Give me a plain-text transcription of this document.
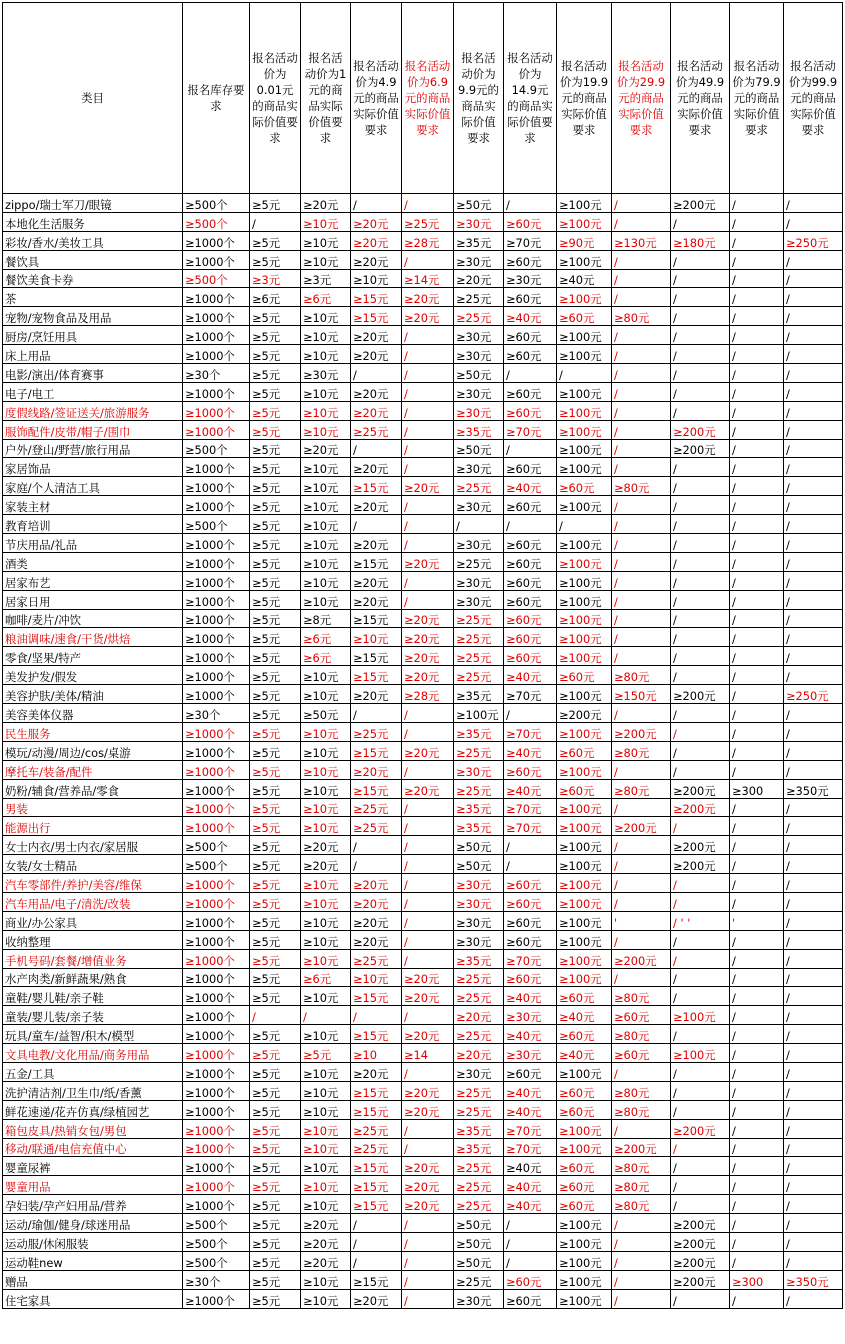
类目	报名库存要求	报名活动价为0.01元的商品实际价值要求	报名活动价为1元的商品实际价值要求	报名活动价为4.9元的商品实际价值要求	报名活动价为6.9元的商品实际价值要求	报名活动价为9.9元的商品实际价值要求	报名活动价为14.9元的商品实际价值要求	报名活动价为19.9元的商品实际价值要求	报名活动价为29.9元的商品实际价值要求	报名活动价为49.9元的商品实际价值要求	报名活动价为79.9元的商品实际价值要求	报名活动价为99.9元的商品实际价值要求
zippo/瑞士军刀/眼镜	≥500个	≥5元	≥20元	/	/	≥50元	/	≥100元	/	≥200元	/	/
本地化生活服务	≥500个	/	≥10元	≥20元	≥25元	≥30元	≥60元	≥100元	/	/	/	/
彩妆/香水/美妆工具	≥1000个	≥5元	≥10元	≥20元	≥28元	≥35元	≥70元	≥90元	≥130元	≥180元	/	≥250元
餐饮具	≥1000个	≥5元	≥10元	≥20元	/	≥30元	≥60元	≥100元	/	/	/	/
餐饮美食卡券	≥500个	≥3元	≥3元	≥10元	≥14元	≥20元	≥30元	≥40元	/	/	/	/
茶	≥1000个	≥6元	≥6元	≥15元	≥20元	≥25元	≥60元	≥100元	/	/	/	/
宠物/宠物食品及用品	≥1000个	≥5元	≥10元	≥15元	≥20元	≥25元	≥40元	≥60元	≥80元	/	/	/
厨房/烹饪用具	≥1000个	≥5元	≥10元	≥20元	/	≥30元	≥60元	≥100元	/	/	/	/
床上用品	≥1000个	≥5元	≥10元	≥20元	/	≥30元	≥60元	≥100元	/	/	/	/
电影/演出/体育赛事	≥30个	≥5元	≥30元	/	/	≥50元	/	/	/	/	/	/
电子/电工	≥1000个	≥5元	≥10元	≥20元	/	≥30元	≥60元	≥100元	/	/	/	/
度假线路/签证送关/旅游服务	≥1000个	≥5元	≥10元	≥20元	/	≥30元	≥60元	≥100元	/	/	/	/
服饰配件/皮带/帽子/围巾	≥1000个	≥5元	≥10元	≥25元	/	≥35元	≥70元	≥100元	/	≥200元	/	/
户外/登山/野营/旅行用品	≥500个	≥5元	≥20元	/	/	≥50元	/	≥100元	/	≥200元	/	/
家居饰品	≥1000个	≥5元	≥10元	≥20元	/	≥30元	≥60元	≥100元	/	/	/	/
家庭/个人清洁工具	≥1000个	≥5元	≥10元	≥15元	≥20元	≥25元	≥40元	≥60元	≥80元	/	/	/
家装主材	≥1000个	≥5元	≥10元	≥20元	/	≥30元	≥60元	≥100元	/	/	/	/
教育培训	≥500个	≥5元	≥10元	/	/	/	/	/	/	/	/	/
节庆用品/礼品	≥1000个	≥5元	≥10元	≥20元	/	≥30元	≥60元	≥100元	/	/	/	/
酒类	≥1000个	≥5元	≥10元	≥15元	≥20元	≥25元	≥60元	≥100元	/	/	/	/
居家布艺	≥1000个	≥5元	≥10元	≥20元	/	≥30元	≥60元	≥100元	/	/	/	/
居家日用	≥1000个	≥5元	≥10元	≥20元	/	≥30元	≥60元	≥100元	/	/	/	/
咖啡/麦片/冲饮	≥1000个	≥5元	≥8元	≥15元	≥20元	≥25元	≥60元	≥100元	/	/	/	/
粮油调味/速食/干货/烘焙	≥1000个	≥5元	≥6元	≥10元	≥20元	≥25元	≥60元	≥100元	/	/	/	/
零食/坚果/特产	≥1000个	≥5元	≥6元	≥15元	≥20元	≥25元	≥60元	≥100元	/	/	/	/
美发护发/假发	≥1000个	≥5元	≥10元	≥15元	≥20元	≥25元	≥40元	≥60元	≥80元	/	/	/
美容护肤/美体/精油	≥1000个	≥5元	≥10元	≥20元	≥28元	≥35元	≥70元	≥100元	≥150元	≥200元	/	≥250元
美容美体仪器	≥30个	≥5元	≥50元	/	/	≥100元	/	≥200元	/	/	/	/
民生服务	≥1000个	≥5元	≥10元	≥25元	/	≥35元	≥70元	≥100元	≥200元	/	/	/
模玩/动漫/周边/cos/桌游	≥1000个	≥5元	≥10元	≥15元	≥20元	≥25元	≥40元	≥60元	≥80元	/	/	/
摩托车/装备/配件	≥1000个	≥5元	≥10元	≥20元	/	≥30元	≥60元	≥100元	/	/	/	/
奶粉/辅食/营养品/零食	≥1000个	≥5元	≥10元	≥15元	≥20元	≥25元	≥40元	≥60元	≥80元	≥200元	≥300	≥350元
男装	≥1000个	≥5元	≥10元	≥25元	/	≥35元	≥70元	≥100元	/	≥200元	/	/
能源出行	≥1000个	≥5元	≥10元	≥25元	/	≥35元	≥70元	≥100元	≥200元	/	/	/
女士内衣/男士内衣/家居服	≥500个	≥5元	≥20元	/	/	≥50元	/	≥100元	/	≥200元	/	/
女装/女士精品	≥500个	≥5元	≥20元	/	/	≥50元	/	≥100元	/	≥200元	/	/
汽车零部件/养护/美容/维保	≥1000个	≥5元	≥10元	≥20元	/	≥30元	≥60元	≥100元	/	/	/	/
汽车用品/电子/清洗/改装	≥1000个	≥5元	≥10元	≥20元	/	≥30元	≥60元	≥100元	/	/	/	/
商业/办公家具	≥1000个	≥5元	≥10元	≥20元	/	≥30元	≥60元	≥100元	'	/ ' '	'	/
收纳整理	≥1000个	≥5元	≥10元	≥20元	/	≥30元	≥60元	≥100元	/	/	/	/
手机号码/套餐/增值业务	≥1000个	≥5元	≥10元	≥25元	/	≥35元	≥70元	≥100元	≥200元	/	/	/
水产肉类/新鲜蔬果/熟食	≥1000个	≥5元	≥6元	≥10元	≥20元	≥25元	≥60元	≥100元	/	/	/	/
童鞋/婴儿鞋/亲子鞋	≥1000个	≥5元	≥10元	≥15元	≥20元	≥25元	≥40元	≥60元	≥80元	/	/	/
童装/婴儿装/亲子装	≥1000个	/	/	/	/	≥20元	≥30元	≥40元	≥60元	≥100元	/	/
玩具/童车/益智/积木/模型	≥1000个	≥5元	≥10元	≥15元	≥20元	≥25元	≥40元	≥60元	≥80元	/	/	/
文具电教/文化用品/商务用品	≥1000个	≥5元	≥5元	≥10	≥14	≥20元	≥30元	≥40元	≥60元	≥100元	/	/
五金/工具	≥1000个	≥5元	≥10元	≥20元	/	≥30元	≥60元	≥100元	/	/	/	/
洗护清洁剂/卫生巾/纸/香薰	≥1000个	≥5元	≥10元	≥15元	≥20元	≥25元	≥40元	≥60元	≥80元	/	/	/
鲜花速递/花卉仿真/绿植园艺	≥1000个	≥5元	≥10元	≥15元	≥20元	≥25元	≥40元	≥60元	≥80元	/	/	/
箱包皮具/热销女包/男包	≥1000个	≥5元	≥10元	≥25元	/	≥35元	≥70元	≥100元	/	≥200元	/	/
移动/联通/电信充值中心	≥1000个	≥5元	≥10元	≥25元	/	≥35元	≥70元	≥100元	≥200元	/	/	/
婴童尿裤	≥1000个	≥5元	≥10元	≥15元	≥20元	≥25元	≥40元	≥60元	≥80元	/	/	/
婴童用品	≥1000个	≥5元	≥10元	≥15元	≥20元	≥25元	≥40元	≥60元	≥80元	/	/	/
孕妇装/孕产妇用品/营养	≥1000个	≥5元	≥10元	≥15元	≥20元	≥25元	≥40元	≥60元	≥80元	/	/	/
运动/瑜伽/健身/球迷用品	≥500个	≥5元	≥20元	/	/	≥50元	/	≥100元	/	≥200元	/	/
运动服/休闲服装	≥500个	≥5元	≥20元	/	/	≥50元	/	≥100元	/	≥200元	/	/
运动鞋new	≥500个	≥5元	≥20元	/	/	≥50元	/	≥100元	/	≥200元	/	/
赠品	≥30个	≥5元	≥10元	≥15元	/	≥25元	≥60元	≥100元	/	≥200元	≥300	≥350元
住宅家具	≥1000个	≥5元	≥10元	≥20元	/	≥30元	≥60元	≥100元	/	/	/	/
